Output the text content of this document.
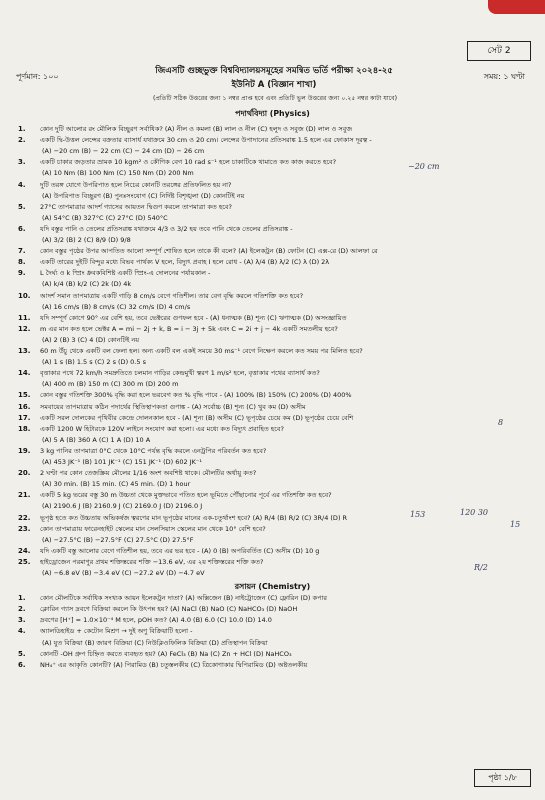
সেট 2
পূর্ণমান: ১০০	সময়: ১ ঘণ্টা
জিএসটি গুচ্ছভুক্ত বিশ্ববিদ্যালয়সমূহের সমন্বিত ভর্তি পরীক্ষা ২০২৪-২৫
ইউনিট A (বিজ্ঞান শাখা)
(প্রতিটি সঠিক উত্তরের জন্য ১ নম্বর প্রাপ্ত হবে এবং প্রতিটি ভুল উত্তরের জন্য ০.২৫ নম্বর কাটা যাবে)
পদার্থবিদ্যা (Physics)
1.	কোন দুটি আলোর রং মৌলিক বিচ্ছুরণ সর্বাধিক? (A) নীল ও কমলা (B) লাল ও নীল (C) হলুদ ও সবুজ (D) লাল ও সবুজ
2.	একটি দ্বি-উত্তল লেন্সের বক্রতার ব্যাসার্ধ যথাক্রমে 30 cm ও 20 cm। লেন্সের উপাদানের প্রতিসরাঙ্ক 1.5 হলে এর ফোকাস দূরত্ব -
(A) −20 cm (B) − 22 cm (C) − 24 cm (D) − 26 cm
3.	একটি চাকার জড়তার ভ্রামক 10 kgm² ও কৌণিক বেগ 10 rad s⁻¹ হলে চাকাটিকে থামাতে কত কাজ করতে হবে?
(A) 10 Nm (B) 100 Nm (C) 150 Nm (D) 200 Nm
4.	দুটি তরঙ্গ যোগে উপরিপাত হলে নিচের কোনটি তরঙ্গের প্রতিফলিত হয় না?
(A) উপরিপাত বিচ্ছুরণ (B) পুনঃসংযোগ (C) নির্দিষ্ট বিশৃঙ্খলা (D) কোনটিই নয়
5.	27°C তাপমাত্রার আদর্শ গ্যাসের আয়তন দ্বিগুণ করলে তাপমাত্রা কত হবে?
(A) 54°C (B) 327°C (C) 27°C (D) 540°C
6.	যদি বস্তুর পানি ও তেলের প্রতিসরাঙ্ক যথাক্রমে 4/3 ও 3/2 হয় তবে পানি থেকে তেলের প্রতিসরাঙ্ক -
(A) 3/2 (B) 2 (C) 8/9 (D) 9/8
7.	কোন বস্তুর পৃষ্ঠের উপর আপতিত আলো সম্পূর্ণ শোষিত হলে তাকে কী বলে? (A) ইলেকট্রন (B) ফোটন (C) এক্স-রে (D) আলফা রে
8.	একটি তারের দুইটি বিন্দুর মধ্যে বিভব পার্থক্য V হলে, বিদ্যুৎ প্রবাহ I হলে রোধ - (A) λ/4 (B) λ/2 (C) λ (D) 2λ
9.	L দৈর্ঘ্য ও k স্প্রিং ধ্রুবকবিশিষ্ট একটি স্প্রিং-এ দোলনের পর্যায়কাল -
(A) k/4 (B) k/2 (C) 2k (D) 4k
10.	আদর্শ সমান তাপমাত্রায় একটি গাড়ি 8 cm/s বেগে গতিশীল। তার বেগ বৃদ্ধি করলে গতিশক্তি কত হবে?
(A) 16 cm/s (B) 8 cm/s (C) 32 cm/s (D) 4 cm/s
11.	যদি সম্পূর্ণ কোণে 90° এর বেশি হয়, তবে ভেক্টরের গুণফল হবে - (A) ধনাত্মক (B) শূন্য (C) ঋণাত্মক (D) অসংজ্ঞায়িত
12.	m এর মান কত হলে ভেক্টর A = mi − 2j + k, B = i − 3j + 5k এবং C = 2i + j − 4k একটি সমতলীয় হবে?
(A) 2 (B) 3 (C) 4 (D) কোনটিই নয়
13.	60 m উঁচু থেকে একটি বল ফেলা হল। অন্য একটি বল একই সময়ে 30 ms⁻¹ বেগে নিক্ষেপ করলে কত সময় পর মিলিত হবে?
(A) 1 s (B) 1.5 s (C) 2 s (D) 0.5 s
14.	বৃত্তাকার পথে 72 km/h সমদ্রুতিতে চলমান গাড়ির কেন্দ্রমুখী ত্বরণ 1 m/s² হলে, বৃত্তাকার পথের ব্যাসার্ধ কত?
(A) 400 m (B) 150 m (C) 300 m (D) 200 m
15.	কোন বস্তুর গতিশক্তি 300% বৃদ্ধি করা হলে ভরবেগ কত % বৃদ্ধি পাবে - (A) 100% (B) 150% (C) 200% (D) 400%
16.	সমবায়ের তাপমাত্রায় কঠিন পদার্থের স্থিতিস্থাপকতা গুণাঙ্ক - (A) সর্বোচ্চ (B) শূন্য (C) খুব কম (D) অসীম
17.	একটি সরল দোলকের পৃথিবীর কেন্দ্রে দোলনকাল হবে - (A) শূন্য (B) অসীম (C) ভূপৃষ্ঠের চেয়ে কম (D) ভূপৃষ্ঠের চেয়ে বেশি
18.	একটি 1200 W হিটারকে 120V লাইনে সংযোগ করা হলো। এর মধ্যে কত বিদ্যুৎ প্রবাহিত হবে?
(A) 5 A (B) 360 A (C) 1 A (D) 10 A
19.	3 kg পানির তাপমাত্রা 0°C থেকে 10°C পর্যন্ত বৃদ্ধি করলে এনট্রপির পরিবর্তন কত হবে?
(A) 453 JK⁻¹ (B) 101 JK⁻¹ (C) 151 JK⁻¹ (D) 602 JK⁻¹
20.	2 ঘণ্টা পর কোন তেজস্ক্রিয় মৌলের 1/16 অংশ অবশিষ্ট থাকে। মৌলটির অর্ধায়ু কত?
(A) 30 min. (B) 15 min. (C) 45 min. (D) 1 hour
21.	একটি 5 kg ভরের বস্তু 30 m উচ্চতা থেকে মুক্তভাবে পতিত হলে ভূমিতে পৌঁছানোর পূর্বে এর গতিশক্তি কত হবে?
(A) 2190.6 J (B) 2160.9 J (C) 2169.0 J (D) 2196.0 J
22.	ভূপৃষ্ঠ হতে কত উচ্চতায় অভিকর্ষজ ত্বরণের মান ভূপৃষ্ঠের মানের এক-চতুর্থাংশ হবে? (A) R/4 (B) R/2 (C) 3R/4 (D) R
23.	কোন তাপমাত্রায় ফারেনহাইট স্কেলের মান সেলসিয়াস স্কেলের মান থেকে 10° বেশি হবে?
(A) −27.5°C (B) −27.5°F (C) 27.5°C (D) 27.5°F
24.	যদি একটি বস্তু আলোর বেগে গতিশীল হয়, তবে এর ভর হবে - (A) 0 (B) অপরিবর্তিত (C) অসীম (D) 10 g
25.	হাইড্রোজেন পরমাণুর প্রথম শক্তিস্তরের শক্তি −13.6 eV, এর ২য় শক্তিস্তরের শক্তি কত?
(A) −6.8 eV (B) −3.4 eV (C) −27.2 eV (D) −4.7 eV
রসায়ন (Chemistry)
1.	কোন মৌলটিকে সর্বাধিক সংখ্যক আয়ন ইলেকট্রন দাতা? (A) অক্সিজেন (B) নাইট্রোজেন (C) ফ্লোরিন (D) কপার
2.	ক্লোরিন গ্যাস দ্রবণে বিক্রিয়া করলে কি উৎপন্ন হয়? (A) NaCl (B) NaO (C) NaHCO₃ (D) NaOH
3.	দ্রবণের [H⁺] = 1.0×10⁻⁴ M হলে, pOH কত? (A) 4.0 (B) 6.0 (C) 10.0 (D) 14.0
4.	অ্যালডিহাইড + কেটোন মিশ্রণ → দুই অণু বিক্রিয়াটি হলো -
(A) যুত বিক্রিয়া (B) জারণ বিক্রিয়া (C) নিউক্লিওফিলিক বিক্রিয়া (D) প্রতিস্থাপন বিক্রিয়া
5.	কোনটি -OH গ্রুপ চিহ্নিত করতে ব্যবহৃত হয়? (A) FeCl₃ (B) Na (C) Zn + HCl (D) NaHCO₃
6.	NH₄⁺ এর আকৃতি কোনটি? (A) পিরামিড (B) চতুস্তলকীয় (C) ত্রিকোণাকার দ্বিপিরামিড (D) অষ্টতলকীয়
−20 cm
8
153	120 30
15
R/2
পৃষ্ঠা ১/৮
